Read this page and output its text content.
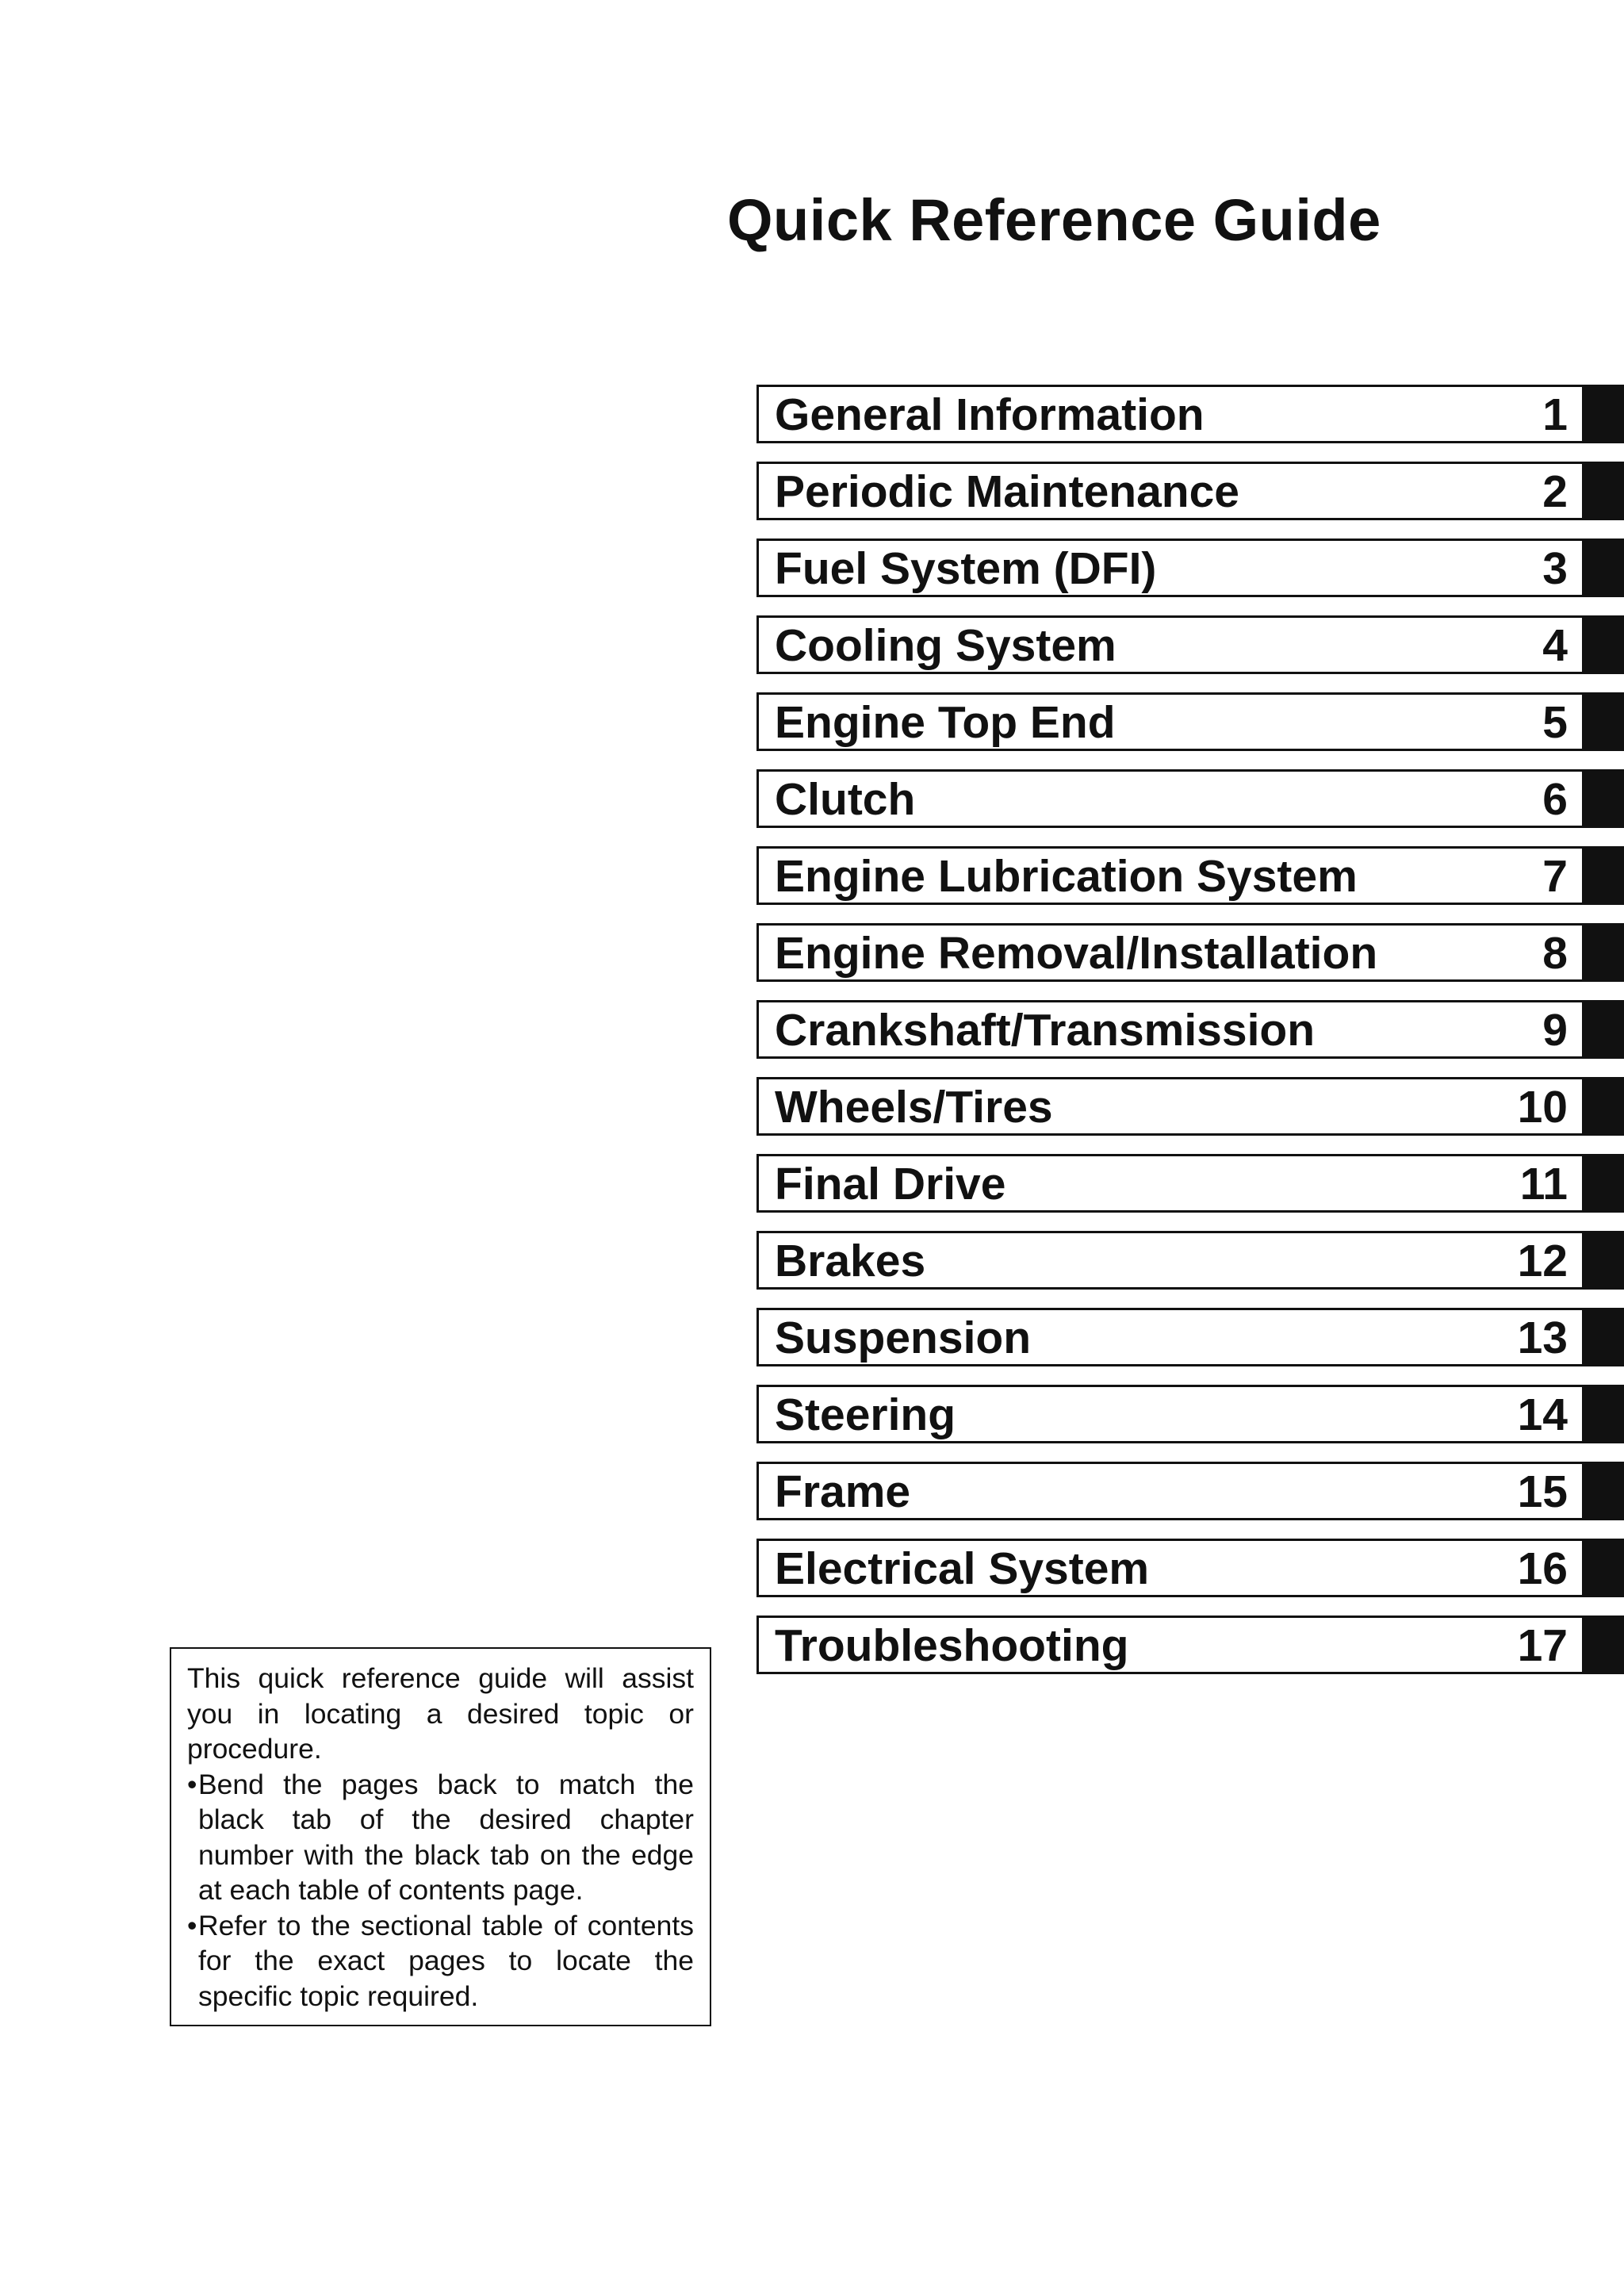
Quick Reference Guide
General Information	1
Periodic Maintenance	2
Fuel System (DFI)	3
Cooling System	4
Engine Top End	5
Clutch	6
Engine Lubrication System	7
Engine Removal/Installation	8
Crankshaft/Transmission	9
Wheels/Tires	10
Final Drive	11
Brakes	12
Suspension	13
Steering	14
Frame	15
Electrical System	16
Troubleshooting	17

This quick reference guide will assist you in locating a desired topic or procedure.

• Bend the pages back to match the black tab of the desired chapter number with the black tab on the edge at each table of contents page.
• Refer to the sectional table of contents for the exact pages to locate the specific topic required.
